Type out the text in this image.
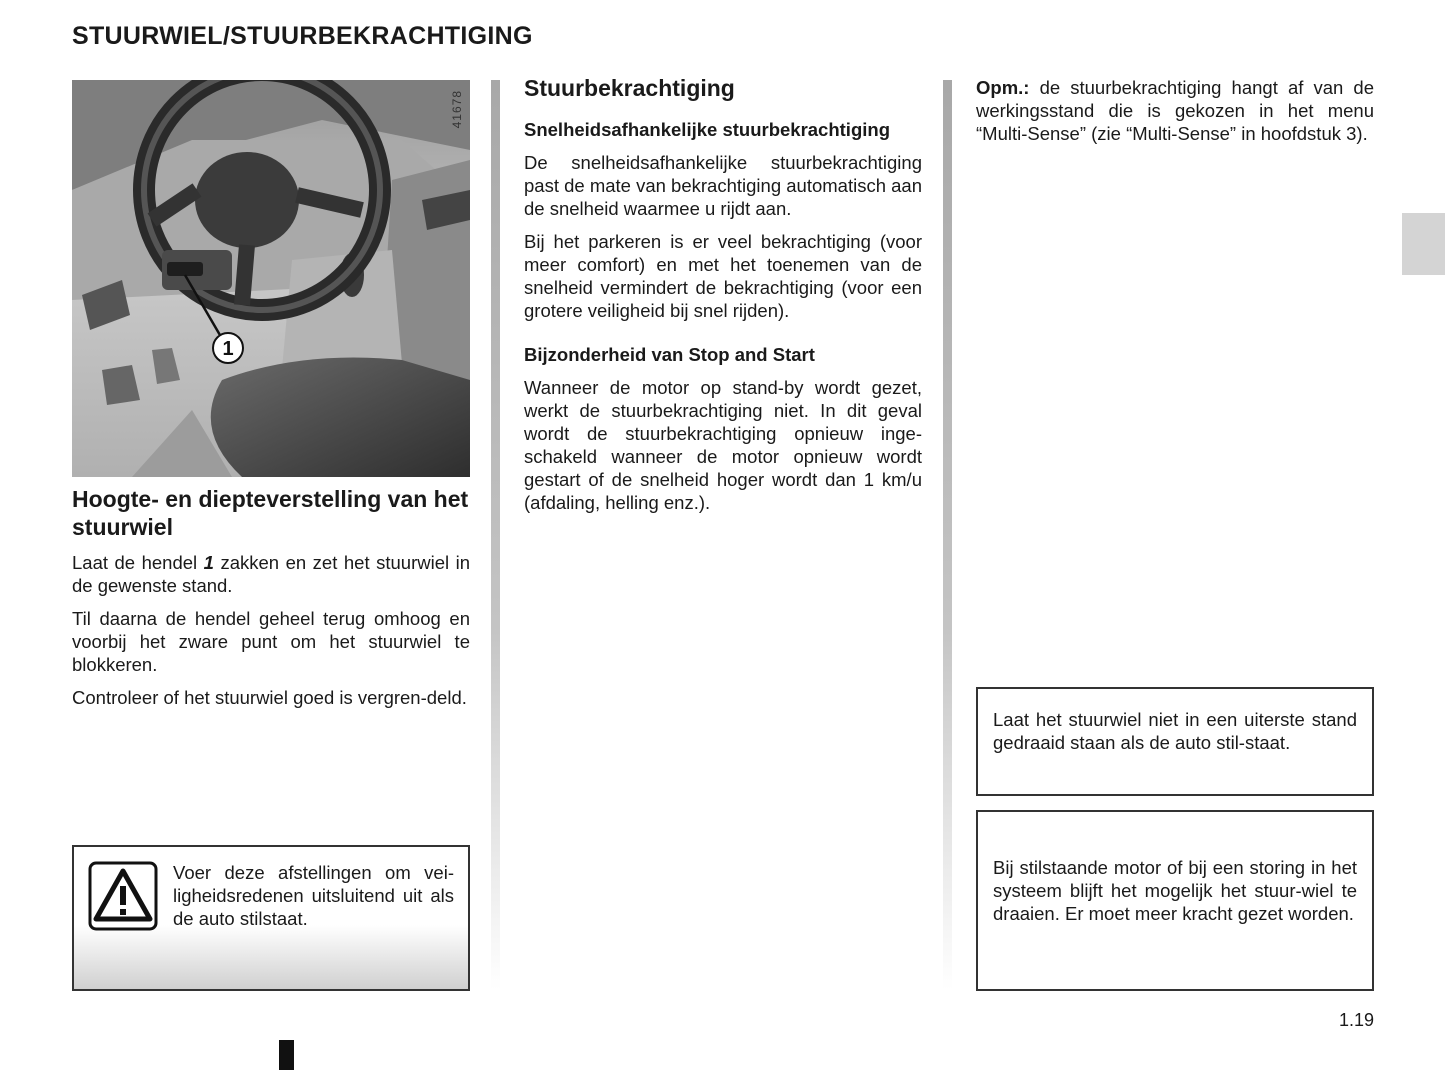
STUURWIEL/STUURBEKRACHTIGING
41678
1
Hoogte- en diepteverstelling van het stuurwiel

Laat de hendel 1 zakken en zet het stuurwiel in de gewenste stand.

Til daarna de hendel geheel terug omhoog en voorbij het zware punt om het stuurwiel te blokkeren.

Controleer of het stuurwiel goed is vergren-deld.

Voer deze afstellingen om vei-ligheidsredenen uitsluitend uit als de auto stilstaat.
Stuurbekrachtiging
Snelheidsafhankelijke stuurbekrachtiging

De snelheidsafhankelijke stuurbekrachtiging past de mate van bekrachtiging automatisch aan de snelheid waarmee u rijdt aan.

Bij het parkeren is er veel bekrachtiging (voor meer comfort) en met het toenemen van de snelheid vermindert de bekrachtiging (voor een grotere veiligheid bij snel rijden).

Bijzonderheid van Stop and Start

Wanneer de motor op stand-by wordt gezet, werkt de stuurbekrachtiging niet. In dit geval wordt de stuurbekrachtiging opnieuw inge-schakeld wanneer de motor opnieuw wordt gestart of de snelheid hoger wordt dan 1 km/u (afdaling, helling enz.).

Opm.: de stuurbekrachtiging hangt af van de werkingsstand die is gekozen in het menu “Multi-Sense” (zie “Multi-Sense” in hoofdstuk 3).

Laat het stuurwiel niet in een uiterste stand gedraaid staan als de auto stil-staat.

Bij stilstaande motor of bij een storing in het systeem blijft het mogelijk het stuur-wiel te draaien. Er moet meer kracht gezet worden.

1.19
